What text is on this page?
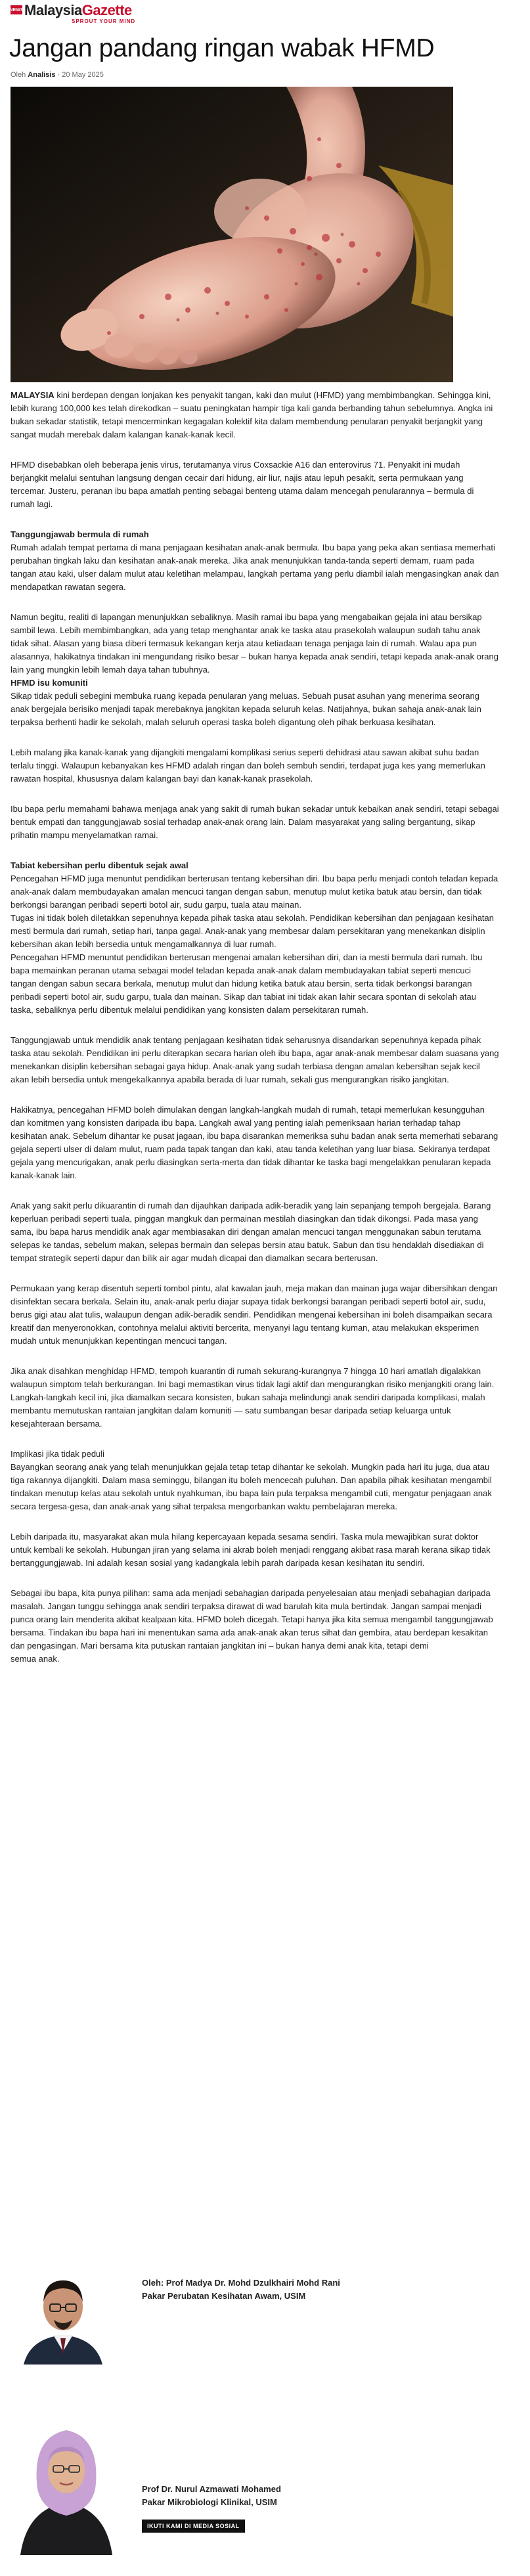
NEWS MalaysiaGazette
SPROUT YOUR MIND
Jangan pandang ringan wabak HFMD
Oleh Analisis · 20 May 2025

MALAYSIA kini berdepan dengan lonjakan kes penyakit tangan, kaki dan mulut (HFMD) yang membimbangkan. Sehingga kini, lebih kurang 100,000 kes telah direkodkan – suatu peningkatan hampir tiga kali ganda berbanding tahun sebelumnya. Angka ini bukan sekadar statistik, tetapi mencerminkan kegagalan kolektif kita dalam membendung penularan penyakit berjangkit yang sangat mudah merebak dalam kalangan kanak-kanak kecil.

HFMD disebabkan oleh beberapa jenis virus, terutamanya virus Coxsackie A16 dan enterovirus 71. Penyakit ini mudah berjangkit melalui sentuhan langsung dengan cecair dari hidung, air liur, najis atau lepuh pesakit, serta permukaan yang tercemar. Justeru, peranan ibu bapa amatlah penting sebagai benteng utama dalam mencegah penularannya – bermula di rumah lagi.

Tanggungjawab bermula di rumah

Rumah adalah tempat pertama di mana penjagaan kesihatan anak-anak bermula. Ibu bapa yang peka akan sentiasa memerhati perubahan tingkah laku dan kesihatan anak-anak mereka. Jika anak menunjukkan tanda-tanda seperti demam, ruam pada tangan atau kaki, ulser dalam mulut atau keletihan melampau, langkah pertama yang perlu diambil ialah mengasingkan anak dan mendapatkan rawatan segera.

Namun begitu, realiti di lapangan menunjukkan sebaliknya. Masih ramai ibu bapa yang mengabaikan gejala ini atau bersikap sambil lewa. Lebih membimbangkan, ada yang tetap menghantar anak ke taska atau prasekolah walaupun sudah tahu anak tidak sihat. Alasan yang biasa diberi termasuk kekangan kerja atau ketiadaan tenaga penjaga lain di rumah. Walau apa pun alasannya, hakikatnya tindakan ini mengundang risiko besar – bukan hanya kepada anak sendiri, tetapi kepada anak-anak orang lain yang mungkin lebih lemah daya tahan tubuhnya.

HFMD isu komuniti

Sikap tidak peduli sebegini membuka ruang kepada penularan yang meluas. Sebuah pusat asuhan yang menerima seorang anak bergejala berisiko menjadi tapak merebaknya jangkitan kepada seluruh kelas. Natijahnya, bukan sahaja anak-anak lain terpaksa berhenti hadir ke sekolah, malah seluruh operasi taska boleh digantung oleh pihak berkuasa kesihatan.

Lebih malang jika kanak-kanak yang dijangkiti mengalami komplikasi serius seperti dehidrasi atau sawan akibat suhu badan terlalu tinggi. Walaupun kebanyakan kes HFMD adalah ringan dan boleh sembuh sendiri, terdapat juga kes yang memerlukan rawatan hospital, khususnya dalam kalangan bayi dan kanak-kanak prasekolah.

Ibu bapa perlu memahami bahawa menjaga anak yang sakit di rumah bukan sekadar untuk kebaikan anak sendiri, tetapi sebagai bentuk empati dan tanggungjawab sosial terhadap anak-anak orang lain. Dalam masyarakat yang saling bergantung, sikap prihatin mampu menyelamatkan ramai.

Tabiat kebersihan perlu dibentuk sejak awal

Pencegahan HFMD juga menuntut pendidikan berterusan tentang kebersihan diri. Ibu bapa perlu menjadi contoh teladan kepada anak-anak dalam membudayakan amalan mencuci tangan dengan sabun, menutup mulut ketika batuk atau bersin, dan tidak berkongsi barangan peribadi seperti botol air, sudu garpu, tuala atau mainan.

Tugas ini tidak boleh diletakkan sepenuhnya kepada pihak taska atau sekolah. Pendidikan kebersihan dan penjagaan kesihatan mesti bermula dari rumah, setiap hari, tanpa gagal. Anak-anak yang membesar dalam persekitaran yang menekankan disiplin kebersihan akan lebih bersedia untuk mengamalkannya di luar rumah.

Pencegahan HFMD menuntut pendidikan berterusan mengenai amalan kebersihan diri, dan ia mesti bermula dari rumah. Ibu bapa memainkan peranan utama sebagai model teladan kepada anak-anak dalam membudayakan tabiat seperti mencuci tangan dengan sabun secara berkala, menutup mulut dan hidung ketika batuk atau bersin, serta tidak berkongsi barangan peribadi seperti botol air, sudu garpu, tuala dan mainan. Sikap dan tabiat ini tidak akan lahir secara spontan di sekolah atau taska, sebaliknya perlu dibentuk melalui pendidikan yang konsisten dalam persekitaran rumah.

Tanggungjawab untuk mendidik anak tentang penjagaan kesihatan tidak seharusnya disandarkan sepenuhnya kepada pihak taska atau sekolah. Pendidikan ini perlu diterapkan secara harian oleh ibu bapa, agar anak-anak membesar dalam suasana yang menekankan disiplin kebersihan sebagai gaya hidup. Anak-anak yang sudah terbiasa dengan amalan kebersihan sejak kecil akan lebih bersedia untuk mengekalkannya apabila berada di luar rumah, sekali gus mengurangkan risiko jangkitan.

Hakikatnya, pencegahan HFMD boleh dimulakan dengan langkah-langkah mudah di rumah, tetapi memerlukan kesungguhan dan komitmen yang konsisten daripada ibu bapa. Langkah awal yang penting ialah pemeriksaan harian terhadap tahap kesihatan anak. Sebelum dihantar ke pusat jagaan, ibu bapa disarankan memeriksa suhu badan anak serta memerhati sebarang gejala seperti ulser di dalam mulut, ruam pada tapak tangan dan kaki, atau tanda keletihan yang luar biasa. Sekiranya terdapat gejala yang mencurigakan, anak perlu diasingkan serta-merta dan tidak dihantar ke taska bagi mengelakkan penularan kepada kanak-kanak lain.

Anak yang sakit perlu dikuarantin di rumah dan dijauhkan daripada adik-beradik yang lain sepanjang tempoh bergejala. Barang keperluan peribadi seperti tuala, pinggan mangkuk dan permainan mestilah diasingkan dan tidak dikongsi. Pada masa yang sama, ibu bapa harus mendidik anak agar membiasakan diri dengan amalan mencuci tangan menggunakan sabun terutama selepas ke tandas, sebelum makan, selepas bermain dan selepas bersin atau batuk. Sabun dan tisu hendaklah disediakan di tempat strategik seperti dapur dan bilik air agar mudah dicapai dan diamalkan secara berterusan.

Permukaan yang kerap disentuh seperti tombol pintu, alat kawalan jauh, meja makan dan mainan juga wajar dibersihkan dengan disinfektan secara berkala. Selain itu, anak-anak perlu diajar supaya tidak berkongsi barangan peribadi seperti botol air, sudu, berus gigi atau alat tulis, walaupun dengan adik-beradik sendiri. Pendidikan mengenai kebersihan ini boleh disampaikan secara kreatif dan menyeronokkan, contohnya melalui aktiviti bercerita, menyanyi lagu tentang kuman, atau melakukan eksperimen mudah untuk menunjukkan kepentingan mencuci tangan.

Jika anak disahkan menghidap HFMD, tempoh kuarantin di rumah sekurang-kurangnya 7 hingga 10 hari amatlah digalakkan walaupun simptom telah berkurangan. Ini bagi memastikan virus tidak lagi aktif dan mengurangkan risiko menjangkiti orang lain. Langkah-langkah kecil ini, jika diamalkan secara konsisten, bukan sahaja melindungi anak sendiri daripada komplikasi, malah membantu memutuskan rantaian jangkitan dalam komuniti — satu sumbangan besar daripada setiap keluarga untuk kesejahteraan bersama.

Implikasi jika tidak peduli

Bayangkan seorang anak yang telah menunjukkan gejala tetap tetap dihantar ke sekolah. Mungkin pada hari itu juga, dua atau tiga rakannya dijangkiti. Dalam masa seminggu, bilangan itu boleh mencecah puluhan. Dan apabila pihak kesihatan mengambil tindakan menutup kelas atau sekolah untuk nyahkuman, ibu bapa lain pula terpaksa mengambil cuti, mengatur penjagaan anak secara tergesa-gesa, dan anak-anak yang sihat terpaksa mengorbankan waktu pembelajaran mereka.

Lebih daripada itu, masyarakat akan mula hilang kepercayaan kepada sesama sendiri. Taska mula mewajibkan surat doktor untuk kembali ke sekolah. Hubungan jiran yang selama ini akrab boleh menjadi renggang akibat rasa marah kerana sikap tidak bertanggungjawab. Ini adalah kesan sosial yang kadangkala lebih parah daripada kesan kesihatan itu sendiri.

Sebagai ibu bapa, kita punya pilihan: sama ada menjadi sebahagian daripada penyelesaian atau menjadi sebahagian daripada masalah. Jangan tunggu sehingga anak sendiri terpaksa dirawat di wad barulah kita mula bertindak. Jangan sampai menjadi punca orang lain menderita akibat kealpaan kita. HFMD boleh dicegah. Tetapi hanya jika kita semua mengambil tanggungjawab bersama. Tindakan ibu bapa hari ini menentukan sama ada anak-anak akan terus sihat dan gembira, atau berdepan kesakitan dan pengasingan. Mari bersama kita putuskan rantaian jangkitan ini – bukan hanya demi anak kita, tetapi demi
semua anak.

Oleh: Prof Madya Dr. Mohd Dzulkhairi Mohd Rani
Pakar Perubatan Kesihatan Awam, USIM
Prof Dr. Nurul Azmawati Mohamed
Pakar Mikrobiologi Klinikal, USIM
IKUTI KAMI DI MEDIA SOSIAL
